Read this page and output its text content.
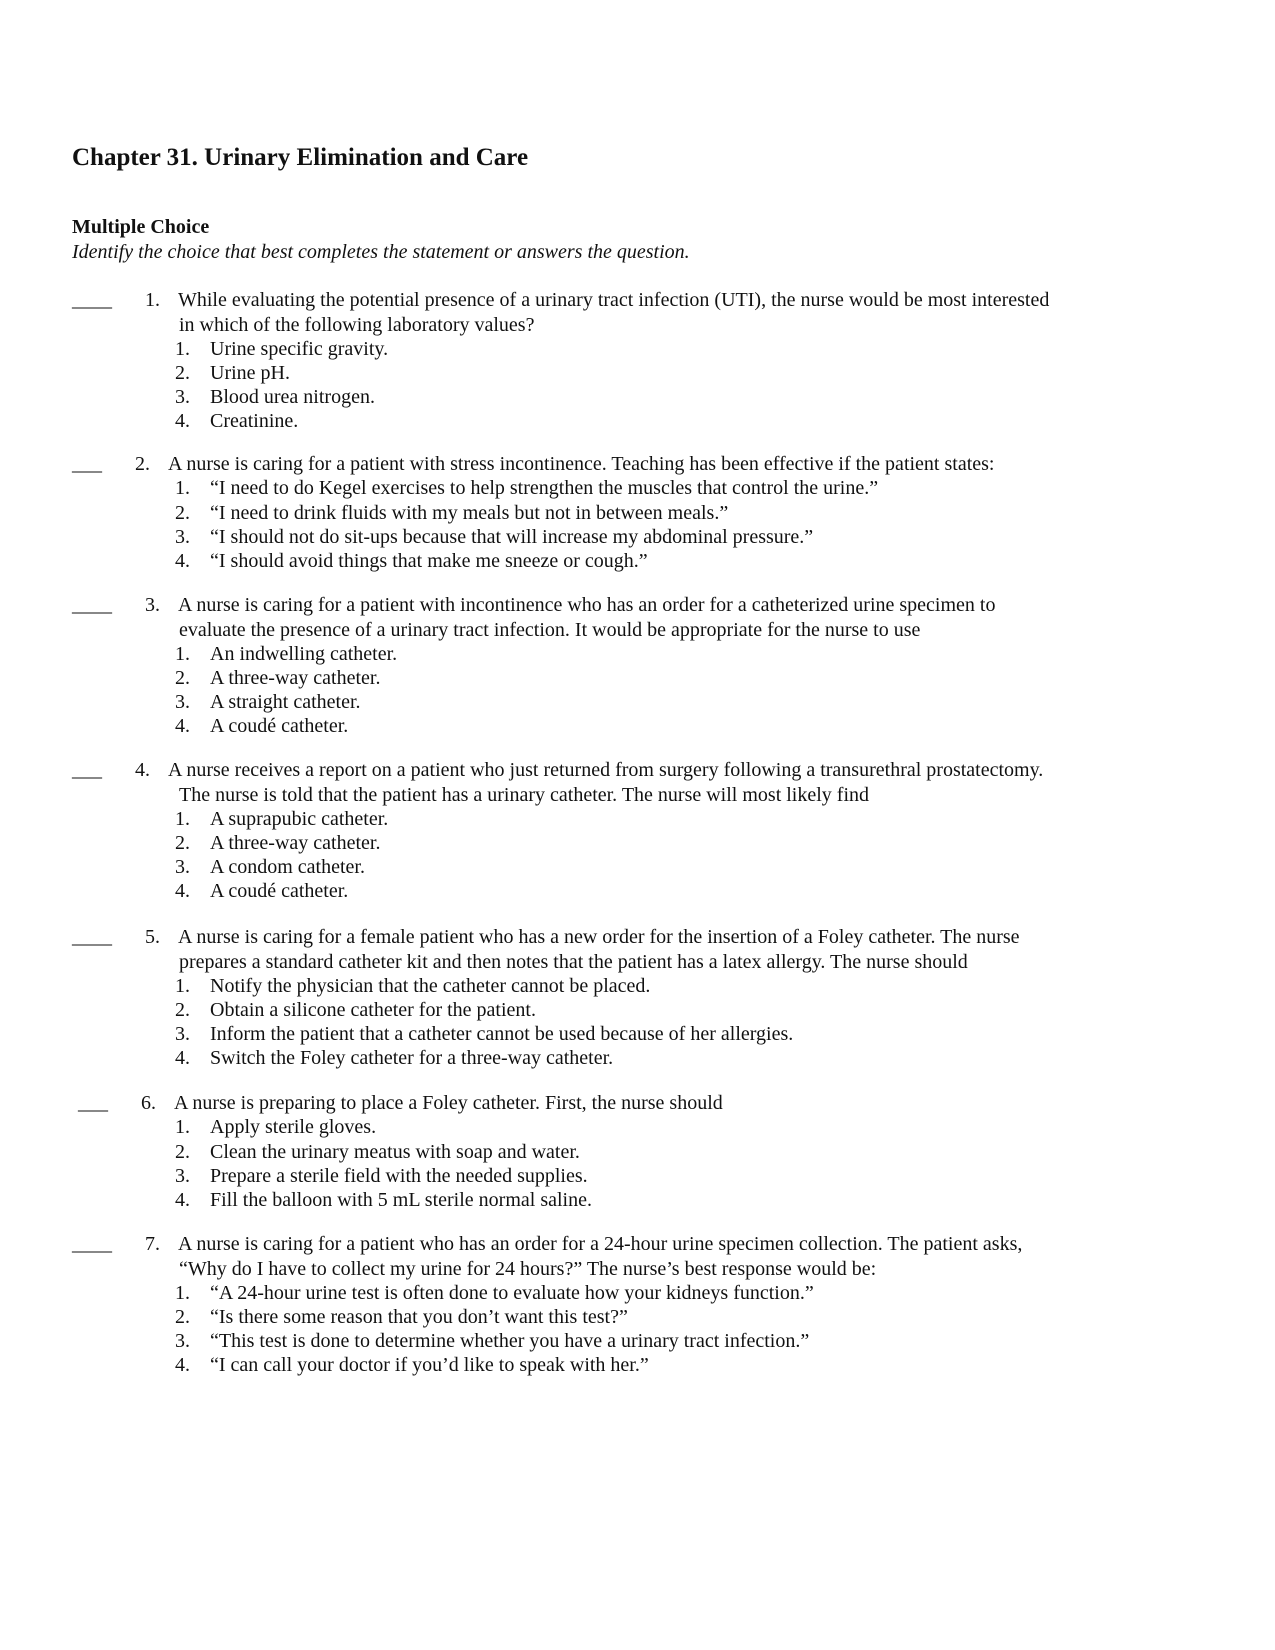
Chapter 31. Urinary Elimination and Care
Multiple Choice
Identify the choice that best completes the statement or answers the question.
____	1. While evaluating the potential presence of a urinary tract infection (UTI), the nurse would be most interested
in which of the following laboratory values?
1. Urine specific gravity.
2. Urine pH.
3. Blood urea nitrogen.
4. Creatinine.
___	2. A nurse is caring for a patient with stress incontinence. Teaching has been effective if the patient states:
1. “I need to do Kegel exercises to help strengthen the muscles that control the urine.”
2. “I need to drink fluids with my meals but not in between meals.”
3. “I should not do sit-ups because that will increase my abdominal pressure.”
4. “I should avoid things that make me sneeze or cough.”
____	3. A nurse is caring for a patient with incontinence who has an order for a catheterized urine specimen to
evaluate the presence of a urinary tract infection. It would be appropriate for the nurse to use
1. An indwelling catheter.
2. A three-way catheter.
3. A straight catheter.
4. A coudé catheter.
___	4. A nurse receives a report on a patient who just returned from surgery following a transurethral prostatectomy.
The nurse is told that the patient has a urinary catheter. The nurse will most likely find
1. A suprapubic catheter.
2. A three-way catheter.
3. A condom catheter.
4. A coudé catheter.
____	5. A nurse is caring for a female patient who has a new order for the insertion of a Foley catheter. The nurse
prepares a standard catheter kit and then notes that the patient has a latex allergy. The nurse should
1. Notify the physician that the catheter cannot be placed.
2. Obtain a silicone catheter for the patient.
3. Inform the patient that a catheter cannot be used because of her allergies.
4. Switch the Foley catheter for a three-way catheter.
___	6. A nurse is preparing to place a Foley catheter. First, the nurse should
1. Apply sterile gloves.
2. Clean the urinary meatus with soap and water.
3. Prepare a sterile field with the needed supplies.
4. Fill the balloon with 5 mL sterile normal saline.
____	7. A nurse is caring for a patient who has an order for a 24-hour urine specimen collection. The patient asks,
“Why do I have to collect my urine for 24 hours?” The nurse’s best response would be:
1. “A 24-hour urine test is often done to evaluate how your kidneys function.”
2. “Is there some reason that you don’t want this test?”
3. “This test is done to determine whether you have a urinary tract infection.”
4. “I can call your doctor if you’d like to speak with her.”
